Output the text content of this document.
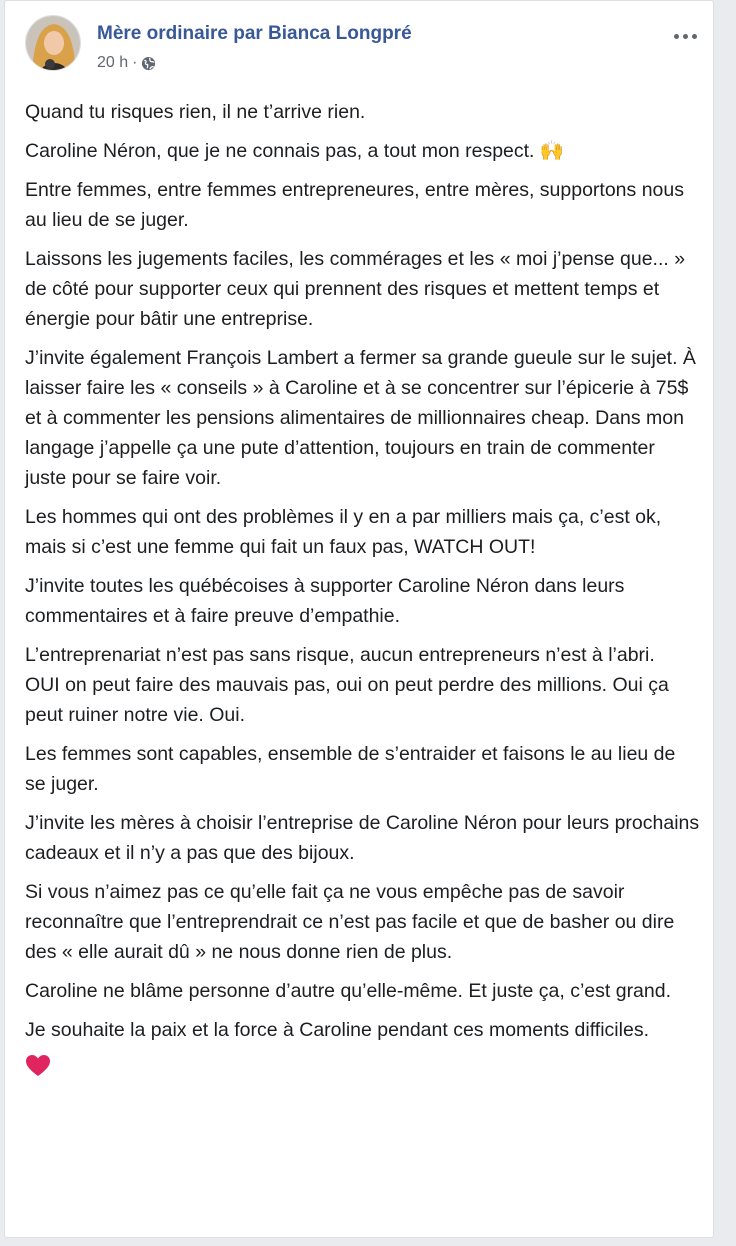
Mère ordinaire par Bianca Longpré
20 h ·

Quand tu risques rien, il ne t’arrive rien.

Caroline Néron, que je ne connais pas, a tout mon respect. 🙌

Entre femmes, entre femmes entrepreneures, entre mères, supportons nous au lieu de se juger.

Laissons les jugements faciles, les commérages et les « moi j’pense que... » de côté pour supporter ceux qui prennent des risques et mettent temps et énergie pour bâtir une entreprise.

J’invite également François Lambert a fermer sa grande gueule sur le sujet. À laisser faire les « conseils » à Caroline et à se concentrer sur l’épicerie à 75$ et à commenter les pensions alimentaires de millionnaires cheap. Dans mon langage j’appelle ça une pute d’attention, toujours en train de commenter juste pour se faire voir.

Les hommes qui ont des problèmes il y en a par milliers mais ça, c’est ok, mais si c’est une femme qui fait un faux pas, WATCH OUT!

J’invite toutes les québécoises à supporter Caroline Néron dans leurs commentaires et à faire preuve d’empathie.

L’entreprenariat n’est pas sans risque, aucun entrepreneurs n’est à l’abri.
OUI on peut faire des mauvais pas, oui on peut perdre des millions. Oui ça peut ruiner notre vie. Oui.

Les femmes sont capables, ensemble de s’entraider et faisons le au lieu de se juger.

J’invite les mères à choisir l’entreprise de Caroline Néron pour leurs prochains cadeaux et il n’y a pas que des bijoux.

Si vous n’aimez pas ce qu’elle fait ça ne vous empêche pas de savoir reconnaître que l’entreprendrait ce n’est pas facile et que de basher ou dire des « elle aurait dû » ne nous donne rien de plus.

Caroline ne blâme personne d’autre qu’elle-même. Et juste ça, c’est grand.

Je souhaite la paix et la force à Caroline pendant ces moments difficiles.
